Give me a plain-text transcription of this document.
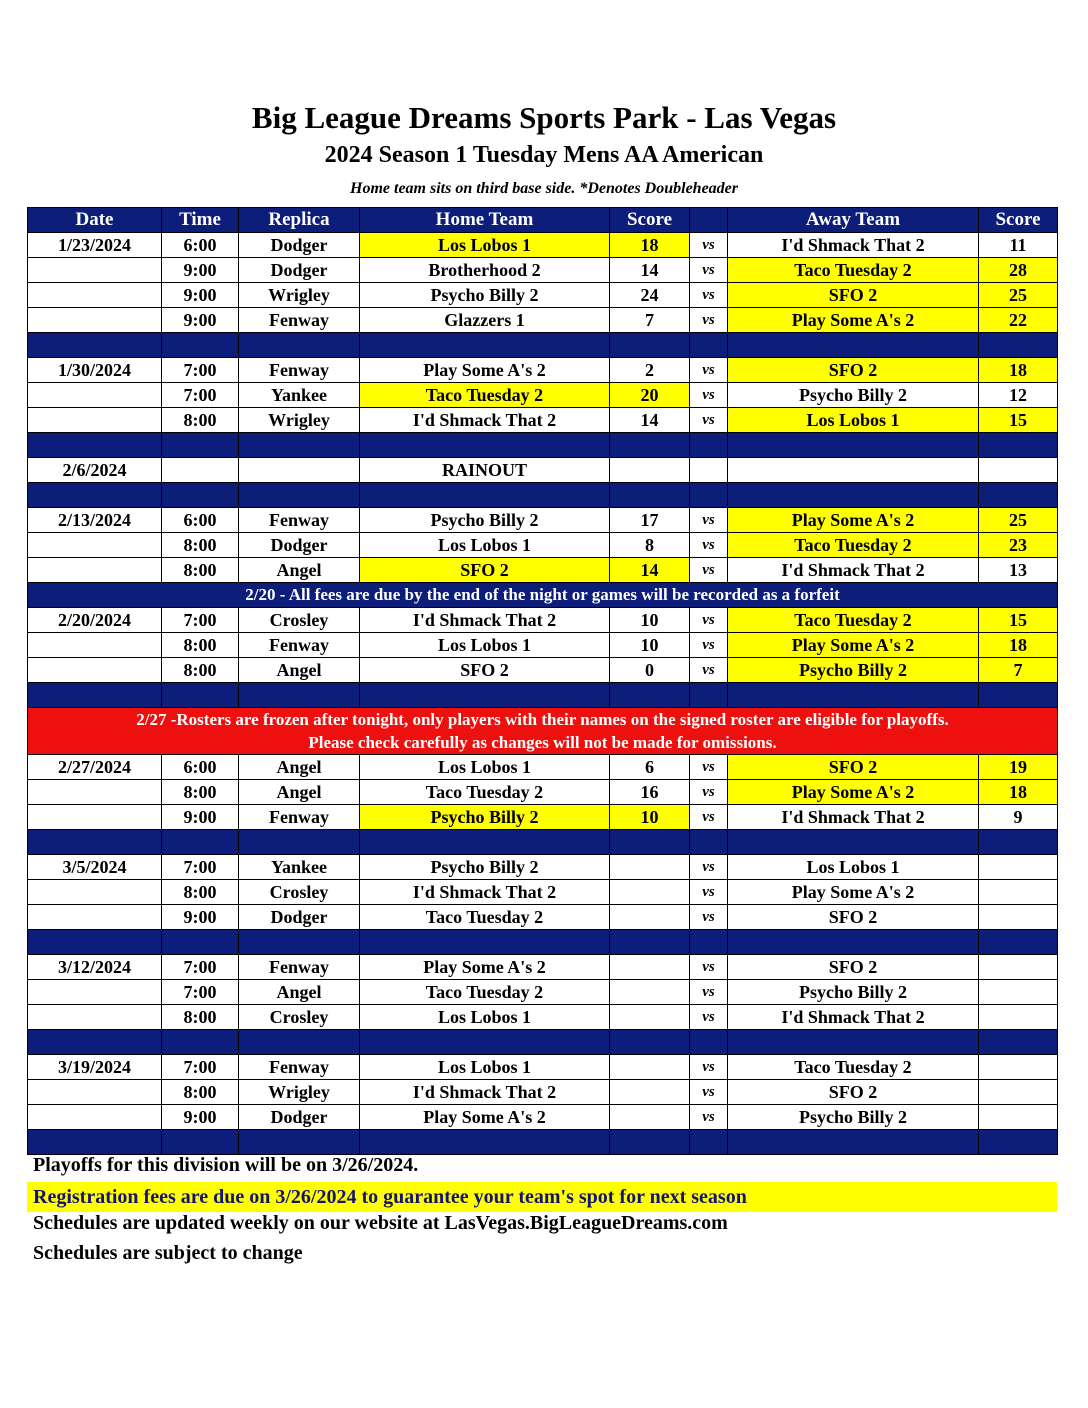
Big League Dreams Sports Park - Las Vegas
2024 Season 1 Tuesday Mens AA American
Home team sits on third base side. *Denotes Doubleheader
Date	Time	Replica	Home Team	Score		Away Team	Score
1/23/2024	6:00	Dodger	Los Lobos 1	18	vs	I'd Shmack That 2	11
	9:00	Dodger	Brotherhood 2	14	vs	Taco Tuesday 2	28
	9:00	Wrigley	Psycho Billy 2	24	vs	SFO 2	25
	9:00	Fenway	Glazzers 1	7	vs	Play Some A's 2	22

1/30/2024	7:00	Fenway	Play Some A's 2	2	vs	SFO 2	18
	7:00	Yankee	Taco Tuesday 2	20	vs	Psycho Billy 2	12
	8:00	Wrigley	I'd Shmack That 2	14	vs	Los Lobos 1	15

2/6/2024			RAINOUT				

2/13/2024	6:00	Fenway	Psycho Billy 2	17	vs	Play Some A's 2	25
	8:00	Dodger	Los Lobos 1	8	vs	Taco Tuesday 2	23
	8:00	Angel	SFO 2	14	vs	I'd Shmack That 2	13
2/20 - All fees are due by the end of the night or games will be recorded as a forfeit							
2/20/2024	7:00	Crosley	I'd Shmack That 2	10	vs	Taco Tuesday 2	15
	8:00	Fenway	Los Lobos 1	10	vs	Play Some A's 2	18
	8:00	Angel	SFO 2	0	vs	Psycho Billy 2	7

2/27 -Rosters are frozen after tonight, only players with their names on the signed roster are eligible for playoffs.
Please check carefully as changes will not be made for omissions.							

2/27/2024	6:00	Angel	Los Lobos 1	6	vs	SFO 2	19
	8:00	Angel	Taco Tuesday 2	16	vs	Play Some A's 2	18
	9:00	Fenway	Psycho Billy 2	10	vs	I'd Shmack That 2	9

3/5/2024	7:00	Yankee	Psycho Billy 2		vs	Los Lobos 1	
	8:00	Crosley	I'd Shmack That 2		vs	Play Some A's 2	
	9:00	Dodger	Taco Tuesday 2		vs	SFO 2	

3/12/2024	7:00	Fenway	Play Some A's 2		vs	SFO 2	
	7:00	Angel	Taco Tuesday 2		vs	Psycho Billy 2	
	8:00	Crosley	Los Lobos 1		vs	I'd Shmack That 2	

3/19/2024	7:00	Fenway	Los Lobos 1		vs	Taco Tuesday 2	
	8:00	Wrigley	I'd Shmack That 2		vs	SFO 2	
	9:00	Dodger	Play Some A's 2		vs	Psycho Billy 2	

Playoffs for this division will be on 3/26/2024.
Registration fees are due on 3/26/2024 to guarantee your team's spot for next season
Schedules are updated weekly on our website at LasVegas.BigLeagueDreams.com
Schedules are subject to change
